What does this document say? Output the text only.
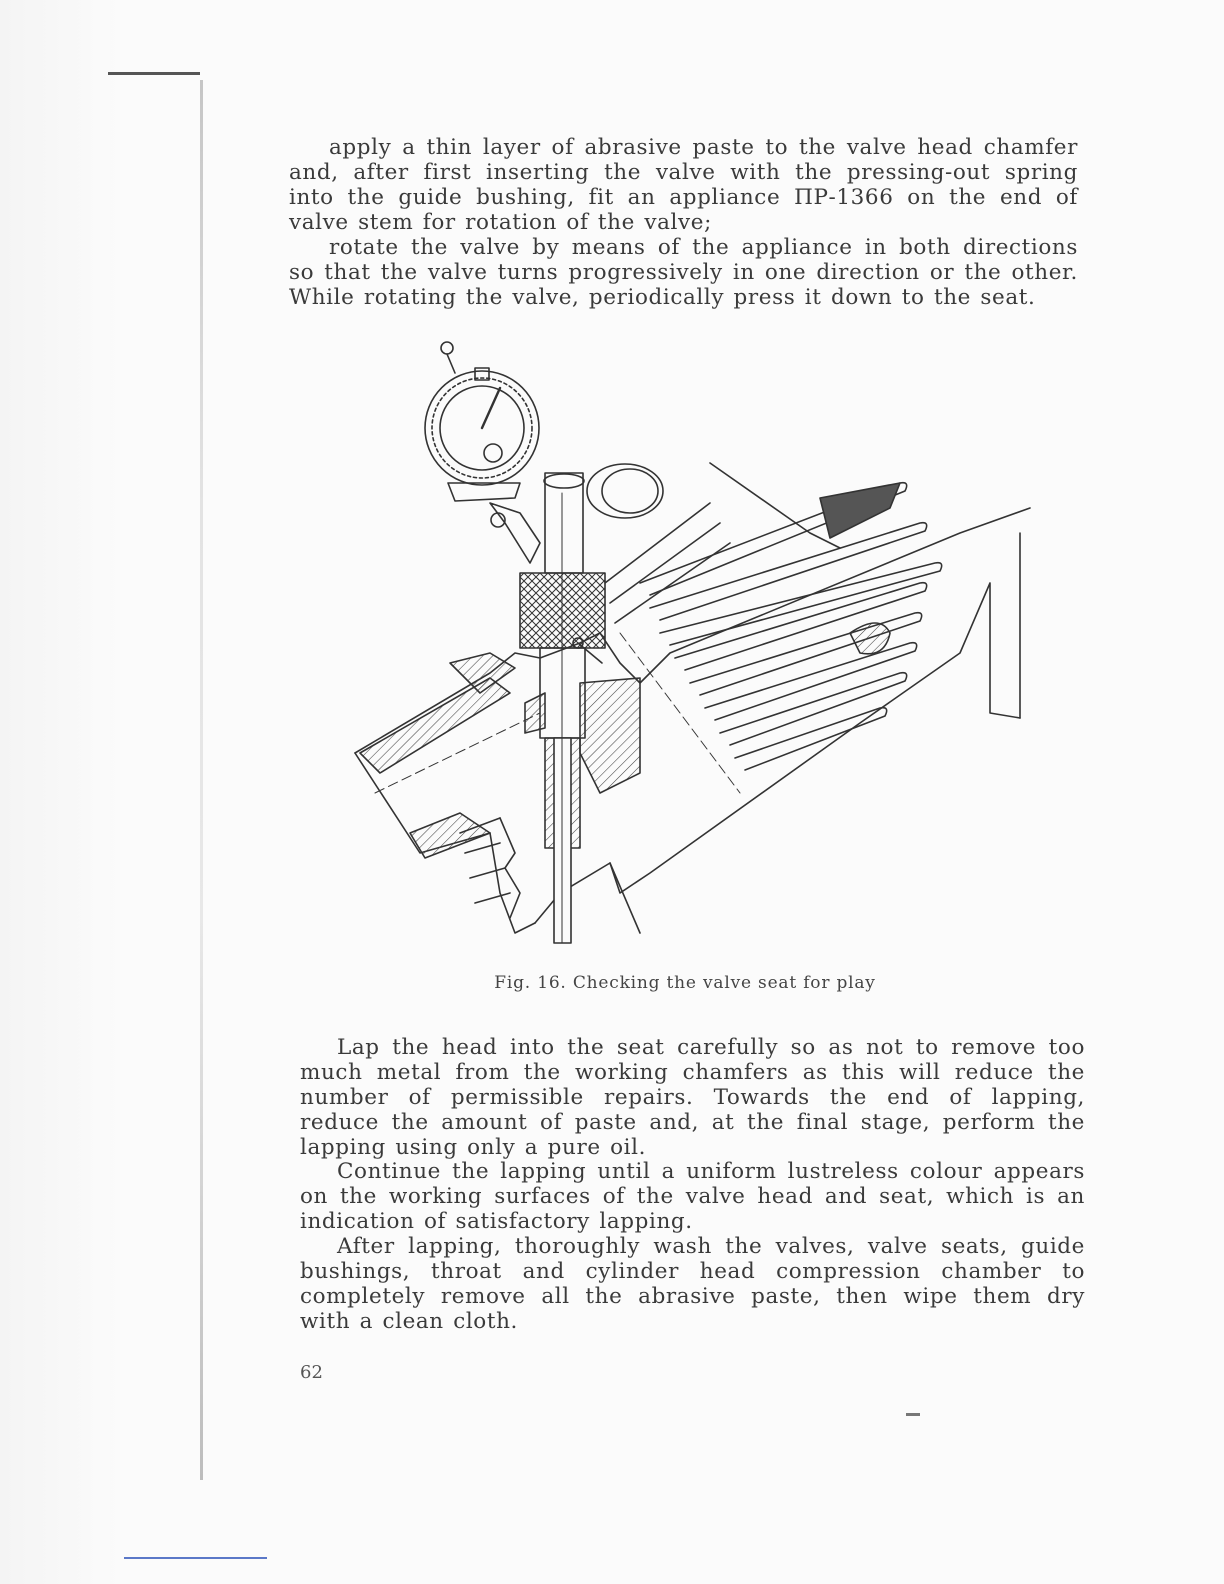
apply a thin layer of abrasive paste to the valve head chamfer and, after first inserting the valve with the pressing-out spring into the guide bushing, fit an appliance ПР-1366 on the end of valve stem for rotation of the valve;

rotate the valve by means of the appliance in both directions so that the valve turns progressively in one direction or the other. While rotating the valve, periodically press it down to the seat.

Fig. 16. Checking the valve seat for play

Lap the head into the seat carefully so as not to remove too much metal from the working chamfers as this will reduce the number of permissible repairs. Towards the end of lapping, reduce the amount of paste and, at the final stage, perform the lapping using only a pure oil.

Continue the lapping until a uniform lustreless colour appears on the working surfaces of the valve head and seat, which is an indication of satisfactory lapping.

After lapping, thoroughly wash the valves, valve seats, guide bushings, throat and cylinder head compression chamber to completely remove all the abrasive paste, then wipe them dry with a clean cloth.

62
